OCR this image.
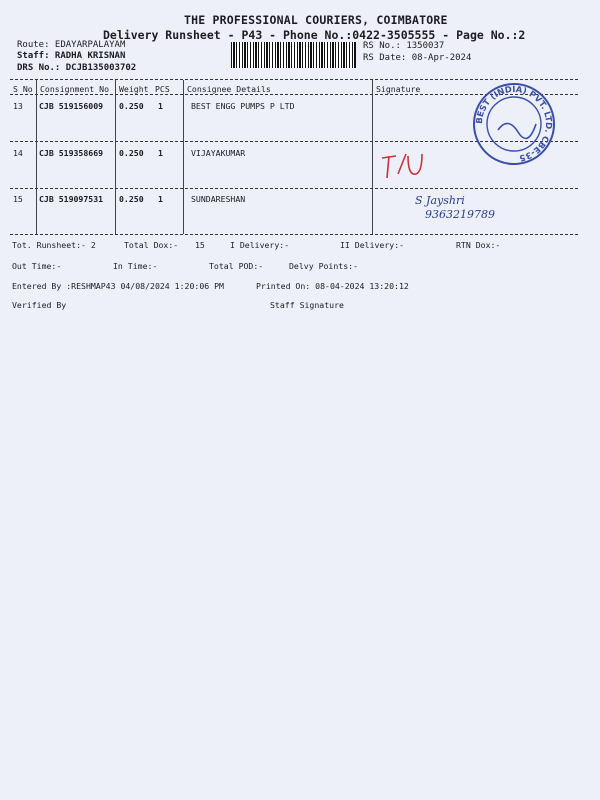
THE PROFESSIONAL COURIERS, COIMBATORE
Delivery Runsheet - P43 - Phone No.:0422-3505555 - Page No.:2
Route: EDAYARPALAYAM
Staff: RADHA KRISNAN
DRS No.: DCJB135003702
RS No.: 1350037
RS Date: 08-Apr-2024
S No Consignment No Weight PCS Consignee Details	Signature
13 CJB 519156009 0.250 1	BEST ENGG PUMPS P LTD
14 CJB 519358669 0.250 1	VIJAYAKUMAR
15 CJB 519097531 0.250 1	SUNDARESHAN
BEST (INDIA) PVT. LTD. CBE-35
S Jayshri
9363219789
Tot. Runsheet:- 2	Total Dox:- 15	I Delivery:-	II Delivery:-	RTN Dox:-
Out Time:-	In Time:-	Total POD:-	Delvy Points:-
Entered By :RESHMAP43 04/08/2024 1:20:06 PM	Printed On: 08-04-2024 13:20:12
Verified By	Staff Signature
